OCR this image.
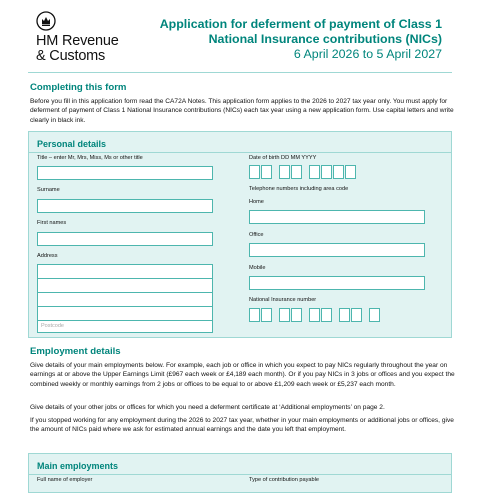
HM Revenue
& Customs
Application for deferment of payment of Class 1
National Insurance contributions (NICs)
6 April 2026 to 5 April 2027
Completing this form

Before you fill in this application form read the CA72A Notes. This application form applies to the 2026 to 2027 tax year only. You must apply for deferment of payment of Class 1 National Insurance contributions (NICs) each tax year using a new application form. Use capital letters and write clearly in black ink.

Personal details
Title – enter Mr, Mrs, Miss, Ms or other title
Surname
First names
Address
Postcode
Date of birth DD MM YYYY
Telephone numbers including area code
Home
Office
Mobile
National Insurance number
Employment details

Give details of your main employments below. For example, each job or office in which you expect to pay NICs regularly throughout the year on earnings at or above the Upper Earnings Limit (£967 each week or £4,189 each month). Or if you pay NICs in 3 jobs or offices and you expect the combined weekly or monthly earnings from 2 jobs or offices to be equal to or above £1,209 each week or £5,237 each month.

Give details of your other jobs or offices for which you need a deferment certificate at ‘Additional employments’ on page 2.

If you stopped working for any employment during the 2026 to 2027 tax year, whether in your main employments or additional jobs or offices, give the amount of NICs paid where we ask for estimated annual earnings and the date you left that employment.

Main employments
Full name of employer	Type of contribution payable
